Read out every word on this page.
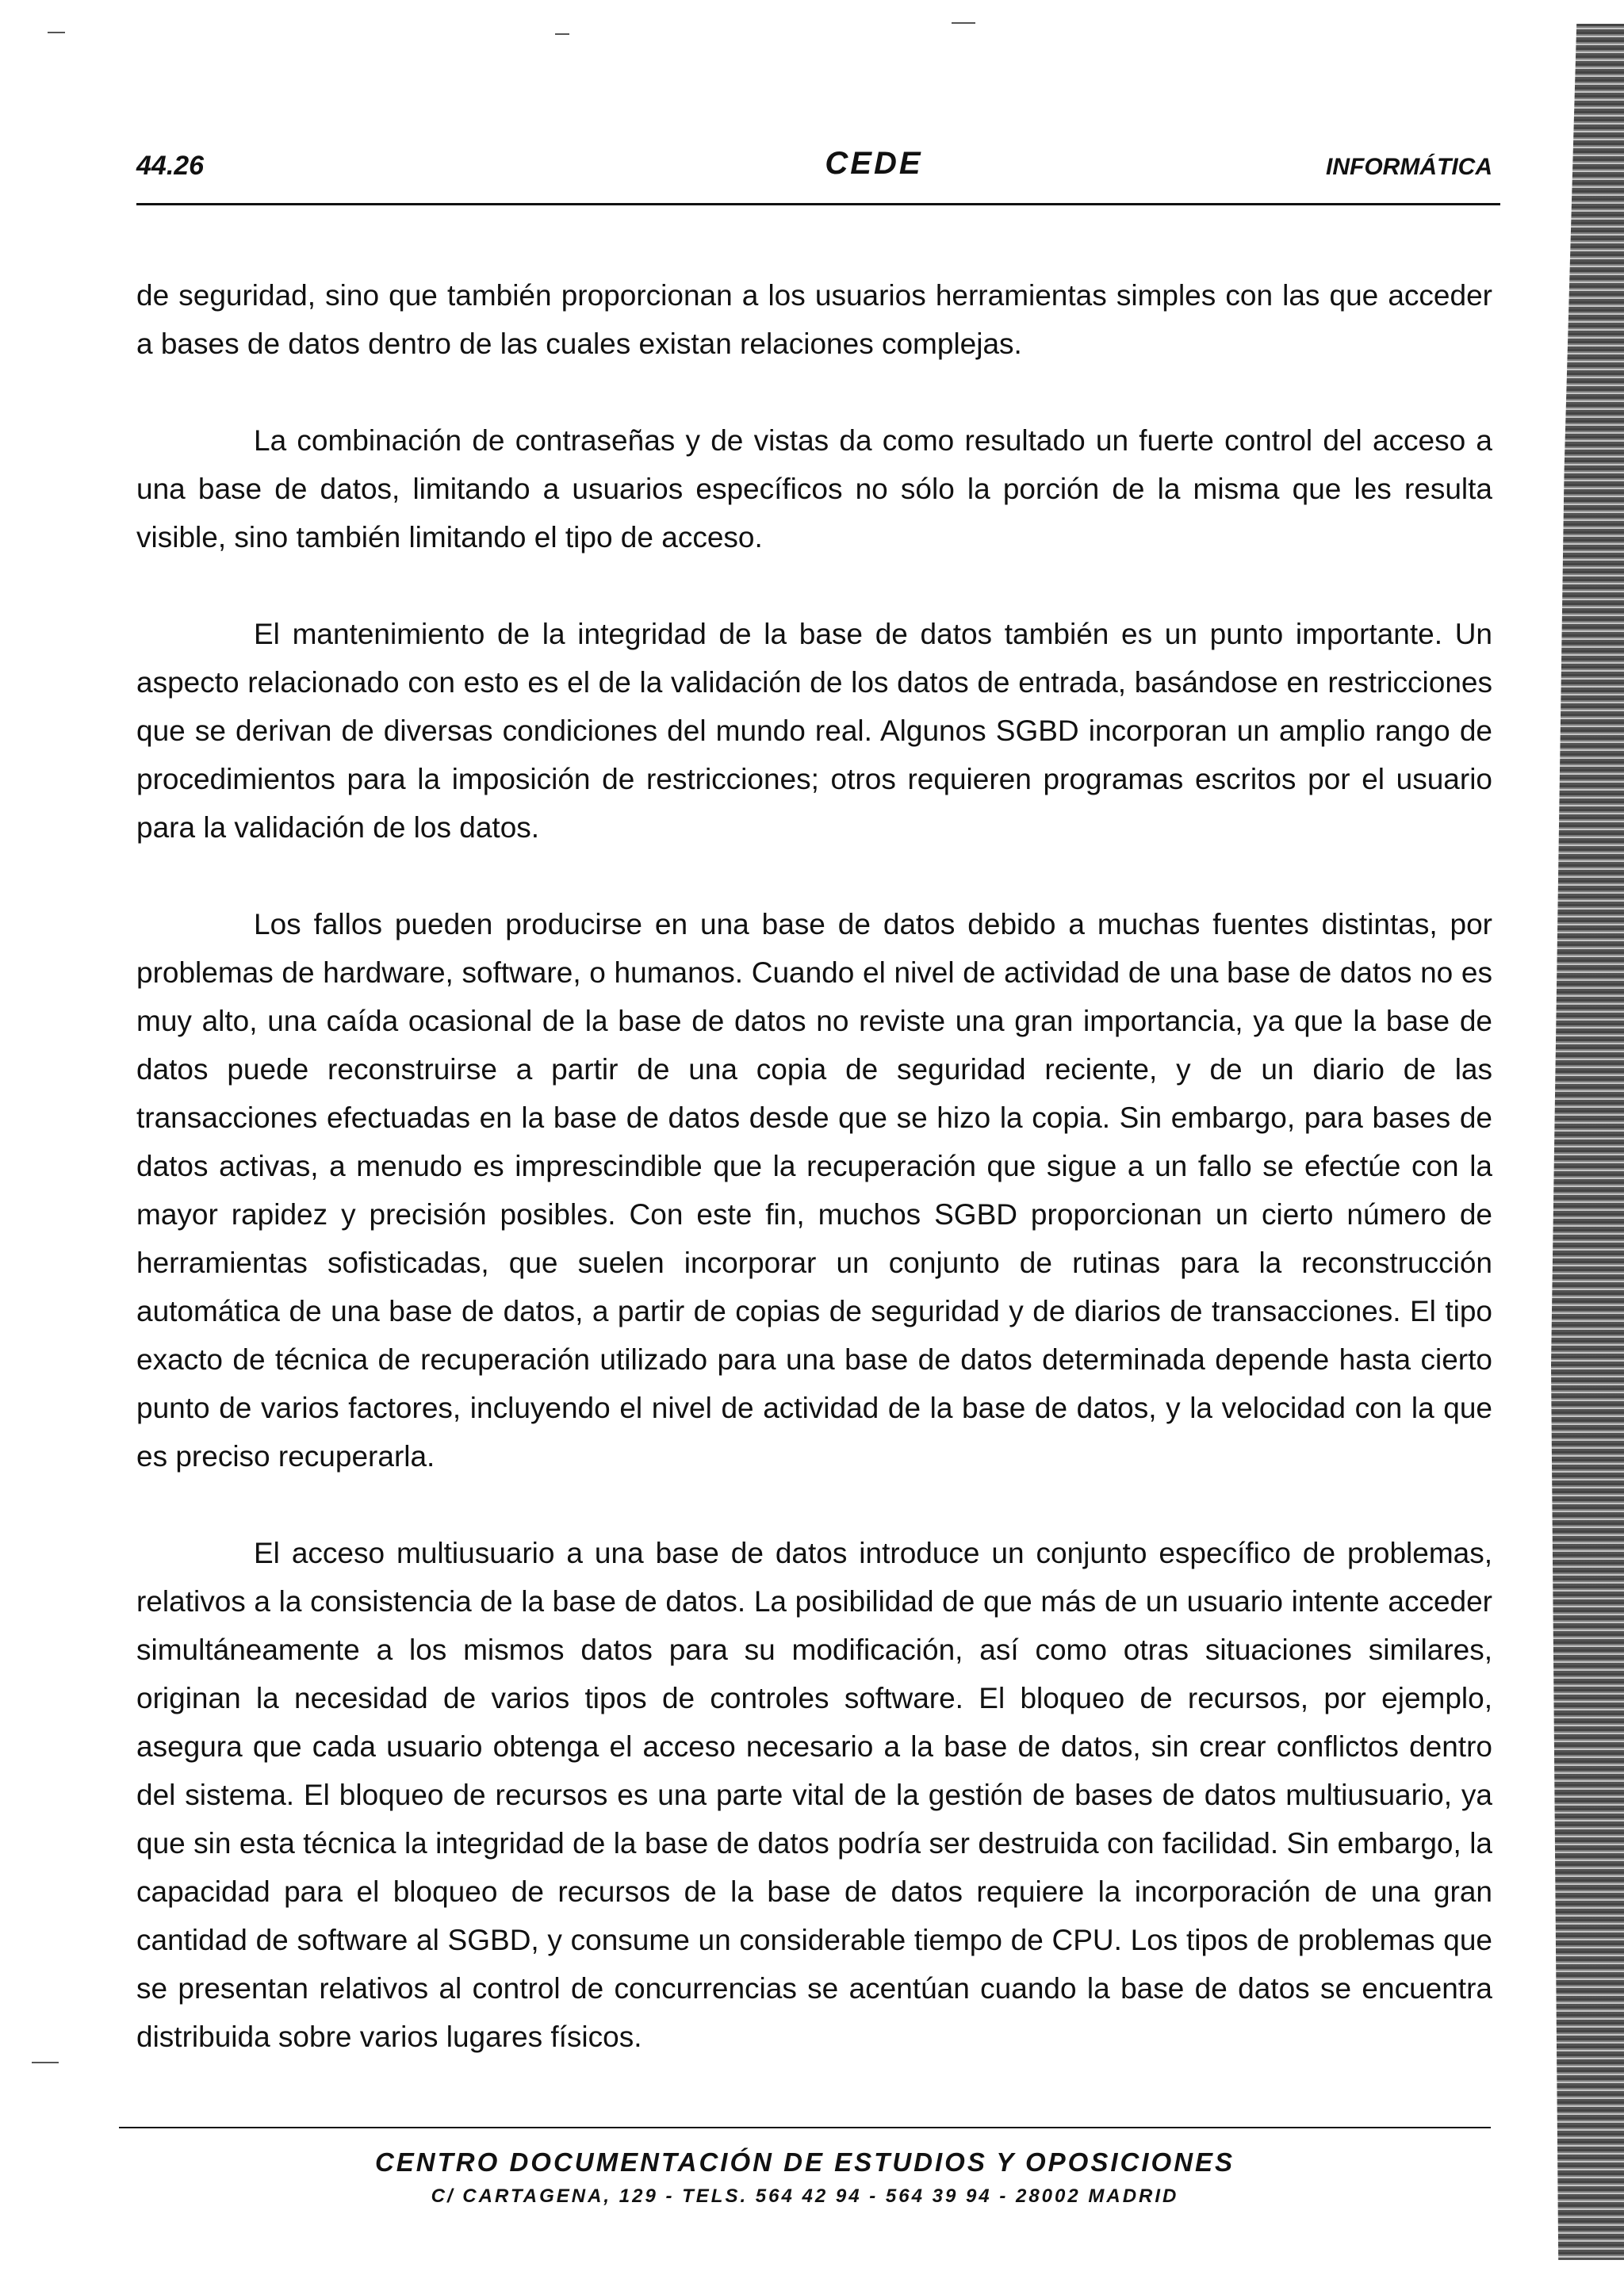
44.26	CEDE	INFORMÁTICA

de seguridad, sino que también proporcionan a los usuarios herramientas simples con las que acceder a bases de datos dentro de las cuales existan relaciones complejas.

La combinación de contraseñas y de vistas da como resultado un fuerte control del acceso a una base de datos, limitando a usuarios específicos no sólo la porción de la misma que les resulta visible, sino también limitando el tipo de acceso.

El mantenimiento de la integridad de la base de datos también es un punto importante. Un aspecto relacionado con esto es el de la validación de los datos de entrada, basándose en restricciones que se derivan de diversas condiciones del mundo real. Algunos SGBD incorporan un amplio rango de procedimientos para la imposición de restricciones; otros requieren programas escritos por el usuario para la validación de los datos.

Los fallos pueden producirse en una base de datos debido a muchas fuentes distintas, por problemas de hardware, software, o humanos. Cuando el nivel de actividad de una base de datos no es muy alto, una caída ocasional de la base de datos no reviste una gran importancia, ya que la base de datos puede reconstruirse a partir de una copia de seguridad reciente, y de un diario de las transacciones efectuadas en la base de datos desde que se hizo la copia. Sin embargo, para bases de datos activas, a menudo es imprescindible que la recuperación que sigue a un fallo se efectúe con la mayor rapidez y precisión posibles. Con este fin, muchos SGBD proporcionan un cierto número de herramientas sofisticadas, que suelen incorporar un conjunto de rutinas para la reconstrucción automática de una base de datos, a partir de copias de seguridad y de diarios de transacciones. El tipo exacto de técnica de recuperación utilizado para una base de datos determinada depende hasta cierto punto de varios factores, incluyendo el nivel de actividad de la base de datos, y la velocidad con la que es preciso recuperarla.

El acceso multiusuario a una base de datos introduce un conjunto específico de problemas, relativos a la consistencia de la base de datos. La posibilidad de que más de un usuario intente acceder simultáneamente a los mismos datos para su modificación, así como otras situaciones similares, originan la necesidad de varios tipos de controles software. El bloqueo de recursos, por ejemplo, asegura que cada usuario obtenga el acceso necesario a la base de datos, sin crear conflictos dentro del sistema. El bloqueo de recursos es una parte vital de la gestión de bases de datos multiusuario, ya que sin esta técnica la integridad de la base de datos podría ser destruida con facilidad. Sin embargo, la capacidad para el bloqueo de recursos de la base de datos requiere la incorporación de una gran cantidad de software al SGBD, y consume un considerable tiempo de CPU. Los tipos de problemas que se presentan relativos al control de concurrencias se acentúan cuando la base de datos se encuentra distribuida sobre varios lugares físicos.

CENTRO DOCUMENTACIÓN DE ESTUDIOS Y OPOSICIONES
C/ CARTAGENA, 129 - TELS. 564 42 94 - 564 39 94 - 28002 MADRID
